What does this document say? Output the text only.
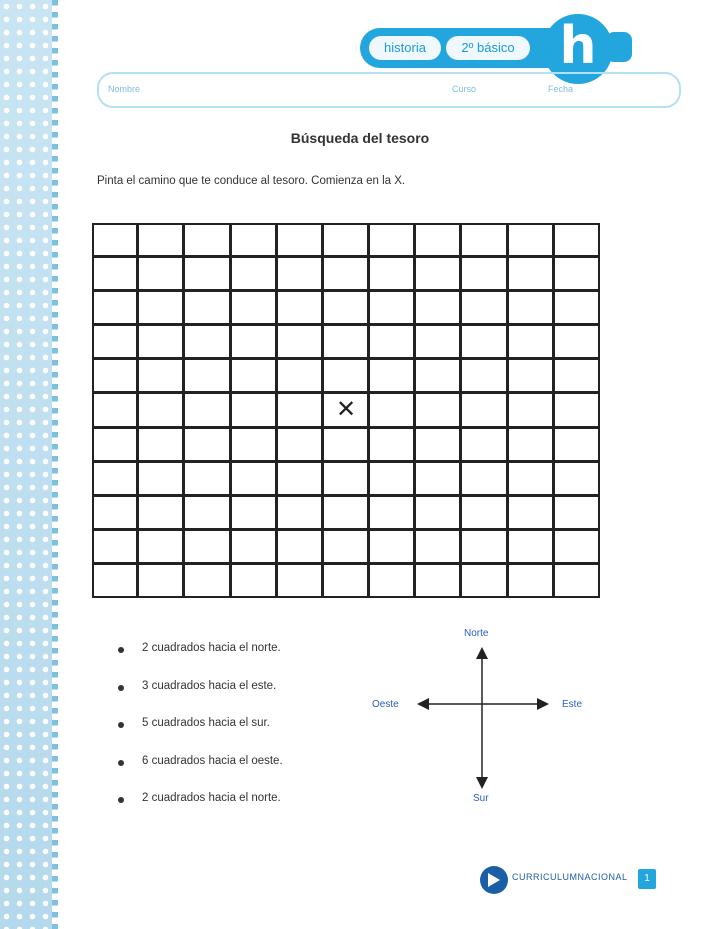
historia	2º básico h
Nombre	Curso	Fecha
Búsqueda del tesoro
Pinta el camino que te conduce al tesoro. Comienza en la X.
✕
2 cuadrados hacia el norte.
3 cuadrados hacia el este.
5 cuadrados hacia el sur.
6 cuadrados hacia el oeste.
2 cuadrados hacia el norte.
Norte
Sur
Este
Oeste
CURRICULUMNACIONAL	1
